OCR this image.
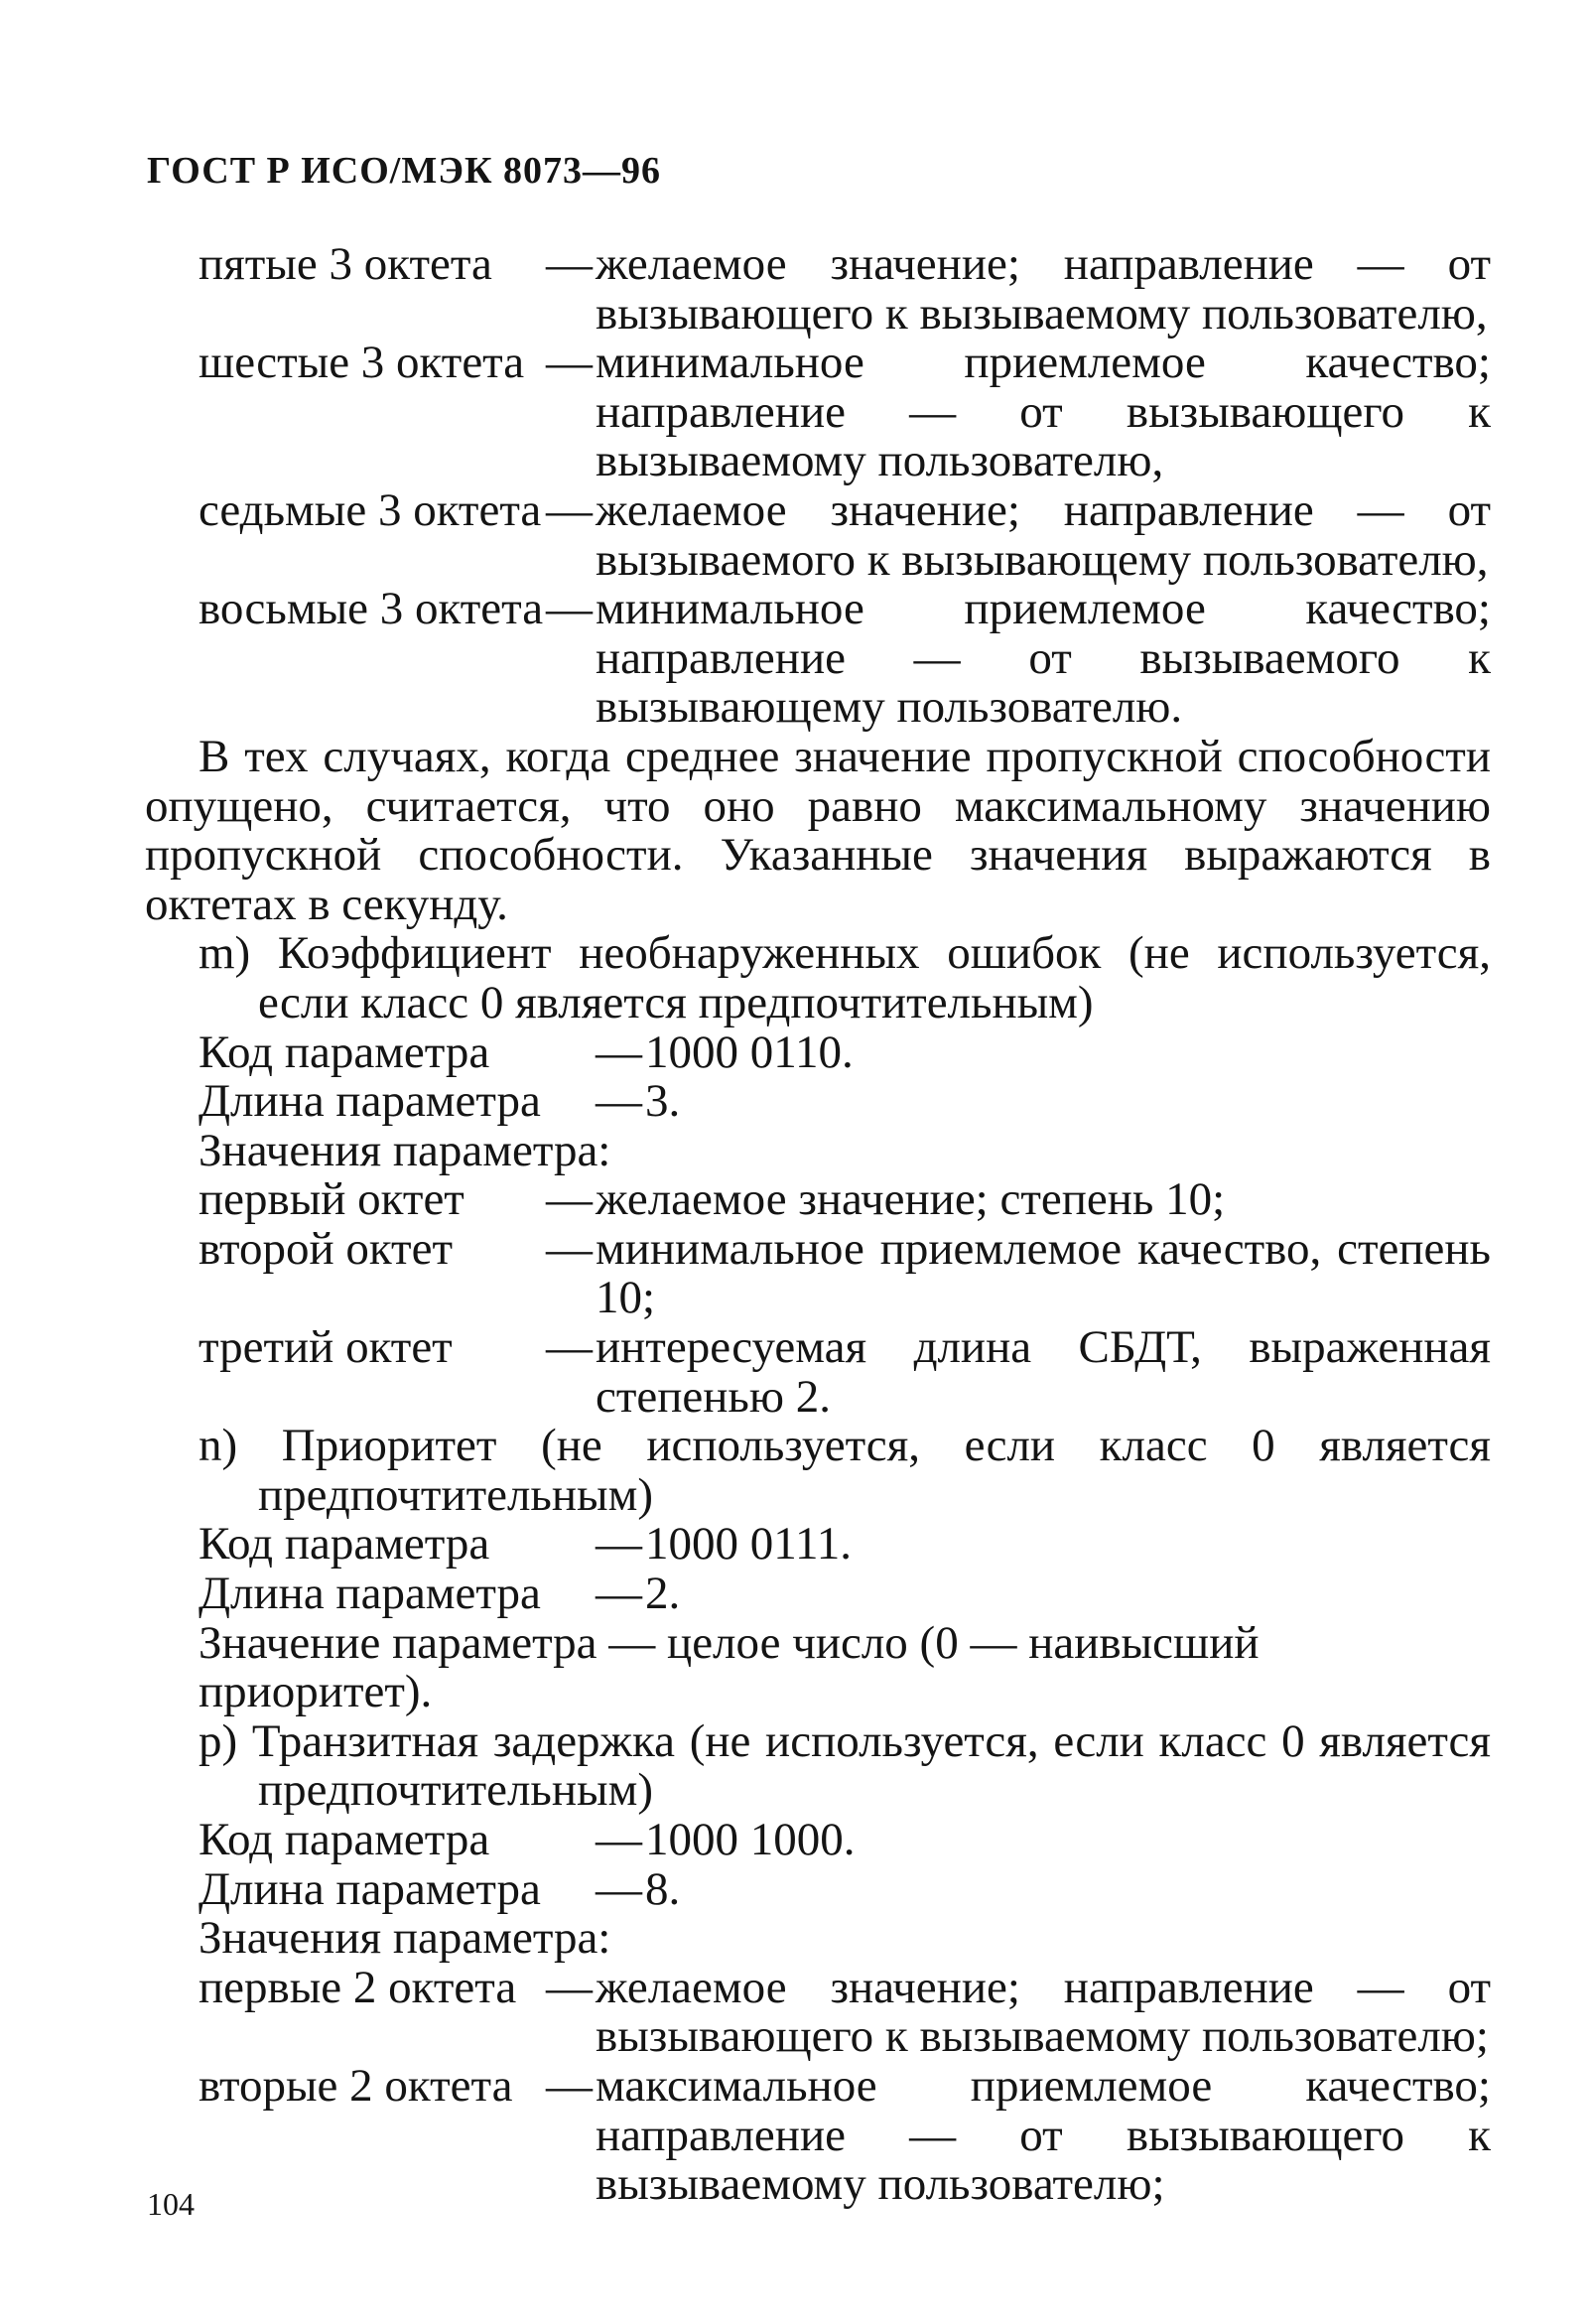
ГОСТ Р ИСО/МЭК 8073—96
пятые 3 октета	— желаемое значение; направление — от вызывающего к вызываемому пользователю,
шестые 3 октета — минимальное приемлемое качество; направление — от вызывающего к вызываемому пользователю,
седьмые 3 октета — желаемое значение; направление — от вызываемого к вызывающему пользователю,
восьмые 3 октета — минимальное приемлемое качество; направление — от вызываемого к вызывающему пользователю.

В тех случаях, когда среднее значение пропускной способности опущено, считается, что оно равно максимальному значению пропускной способности. Указанные значения выражаются в октетах в секунду.

m) Коэффициент необнаруженных ошибок (не используется, если класс 0 является предпочтительным)
Код параметра	— 1000 0110.
Длина параметра	— 3.
Значения параметра:
первый октет	— желаемое значение; степень 10;
второй октет	— минимальное приемлемое качество, степень 10;
третий октет	— интересуемая длина СБДТ, выраженная степенью 2.
n) Приоритет (не используется, если класс 0 является предпочтительным)
Код параметра	— 1000 0111.
Длина параметра	— 2.
Значение параметра — целое число (0 — наивысший приоритет).
p) Транзитная задержка (не используется, если класс 0 является предпочтительным)
Код параметра	— 1000 1000.
Длина параметра	— 8.
Значения параметра:
первые 2 октета — желаемое значение; направление — от вызывающего к вызываемому пользователю;
вторые 2 октета — максимальное приемлемое качество; направление — от вызывающего к вызываемому пользователю;
104
